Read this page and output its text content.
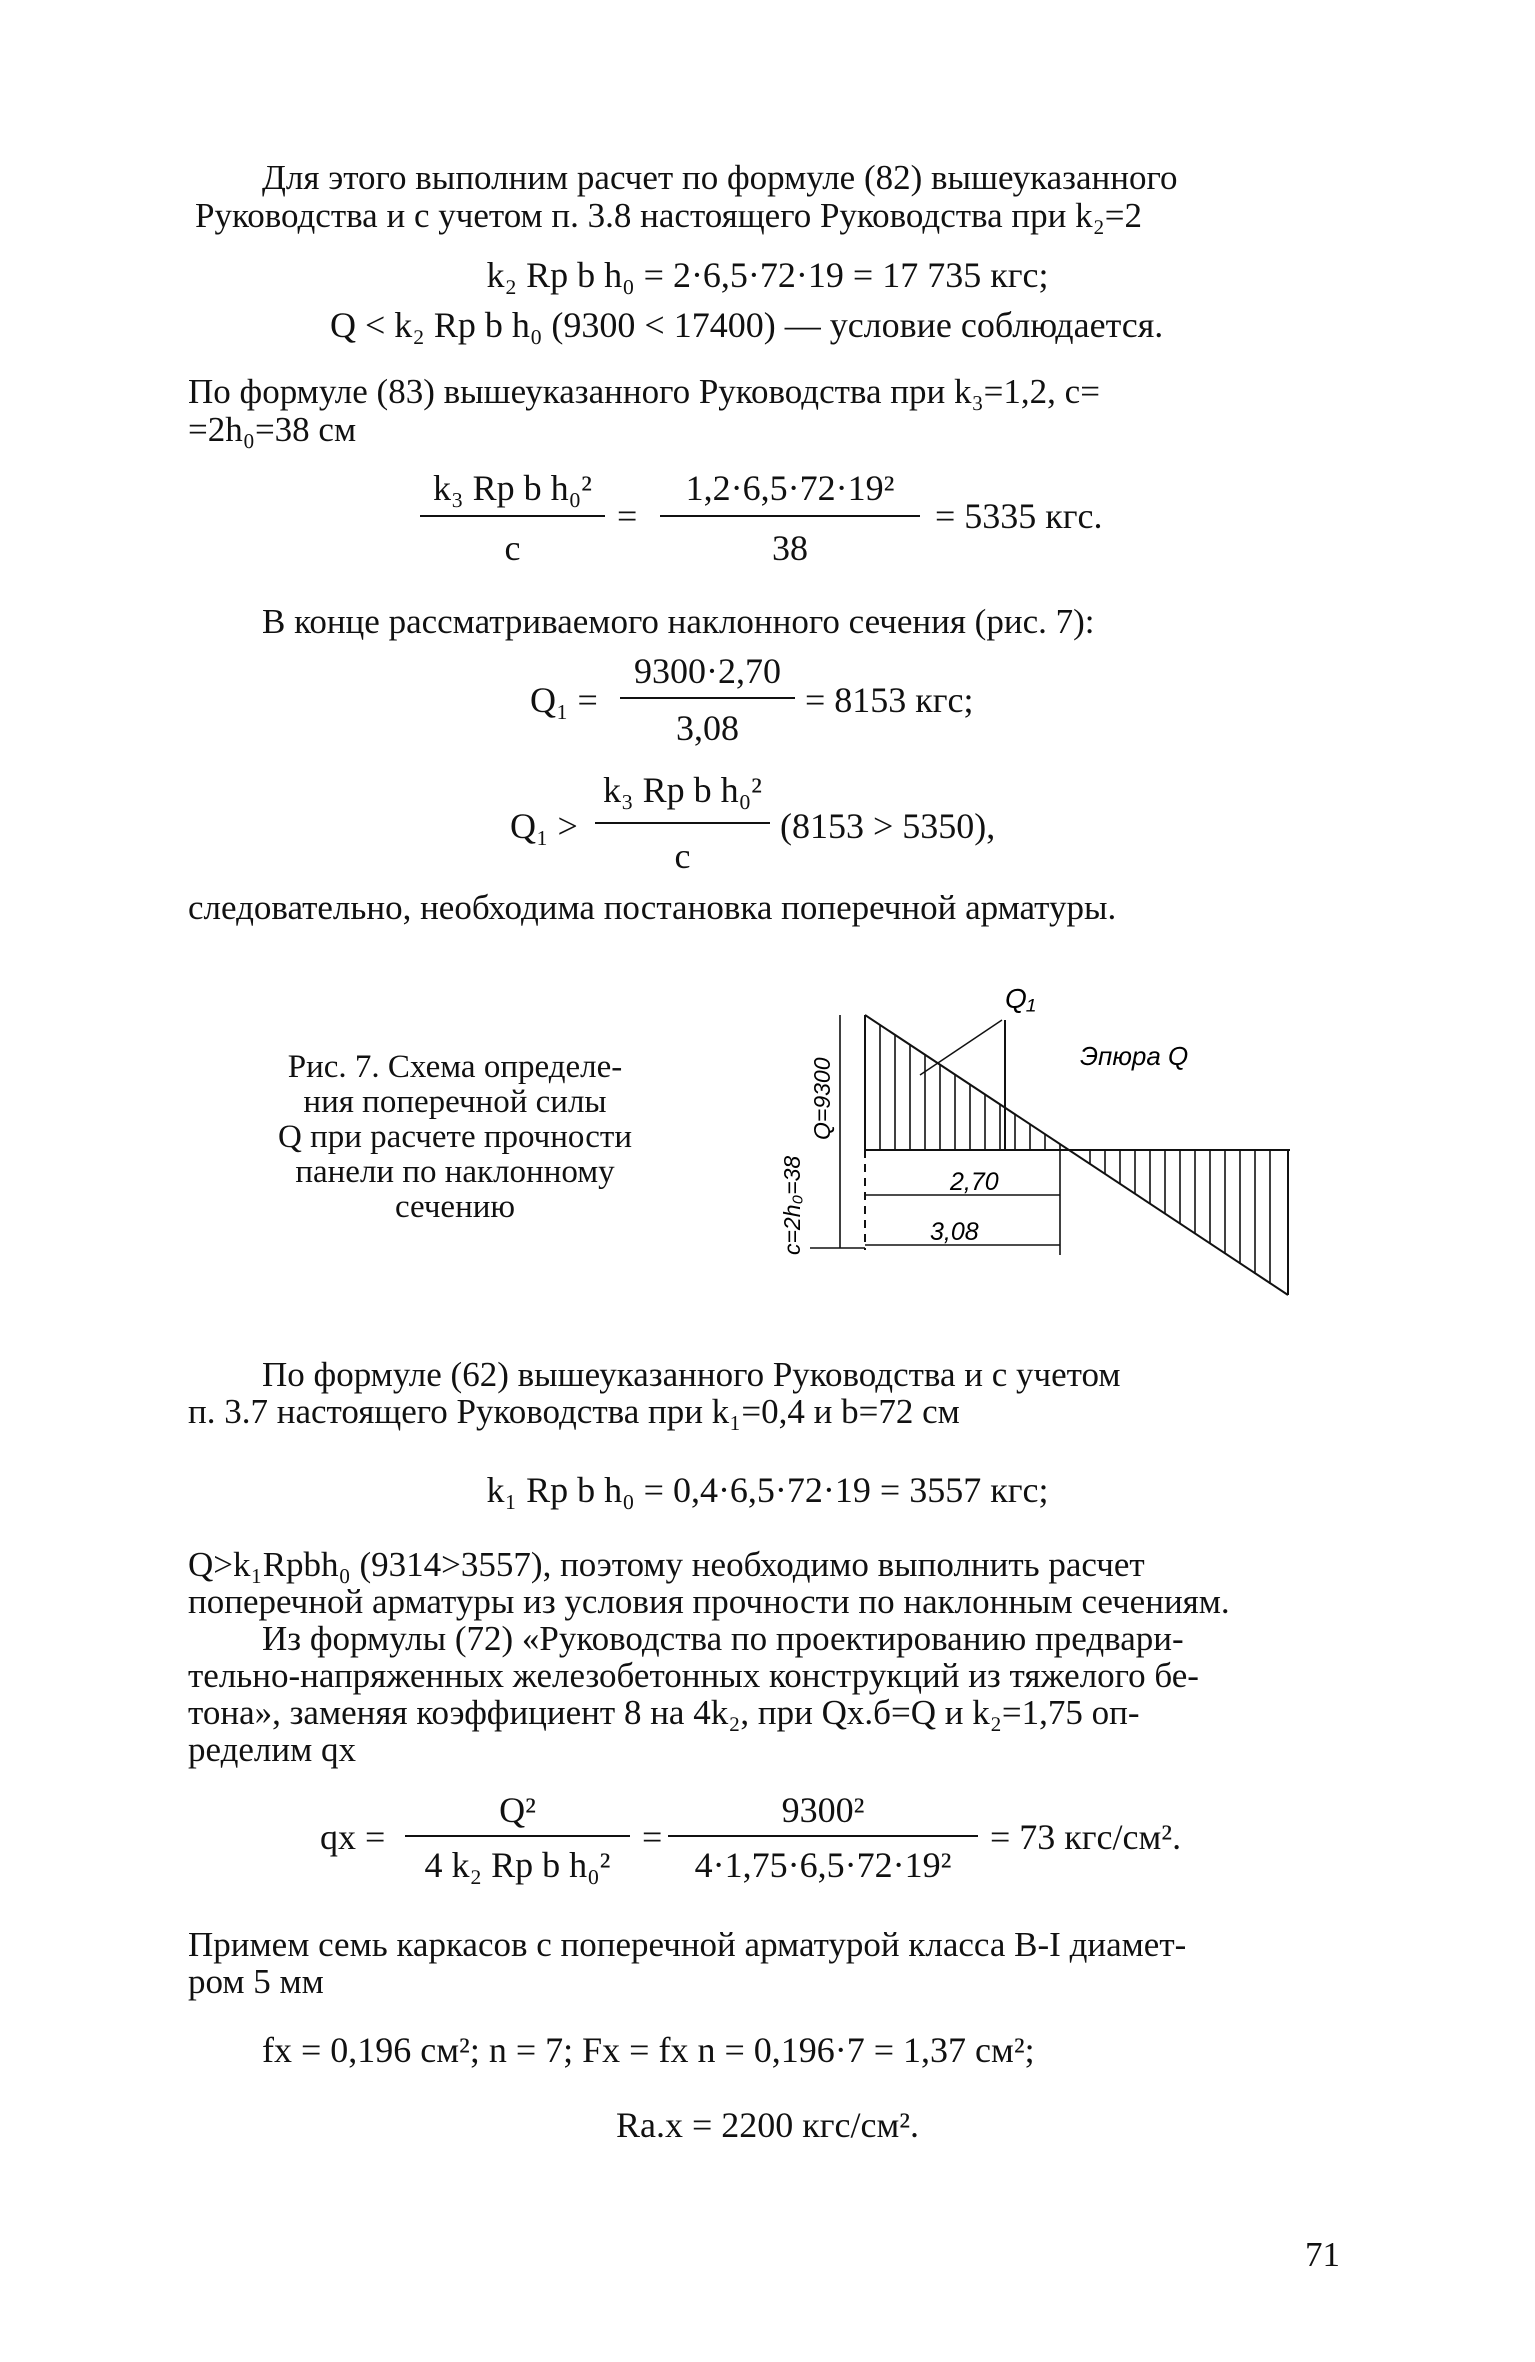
Для этого выполним расчет по формуле (82) вышеуказанного
Руководства и с учетом п. 3.8 настоящего Руководства при k₂=2
k₂ Rр b h₀ = 2·6,5·72·19 = 17 735 кгс;
Q < k₂ Rр b h₀ (9300 < 17400) — условие соблюдается.
По формуле (83) вышеуказанного Руководства при k₃=1,2, с=
=2h₀=38 см
k₃ Rр b h₀²
c
=
1,2·6,5·72·19²
38
= 5335 кгс.
В конце рассматриваемого наклонного сечения (рис. 7):
Q₁ =
9300·2,70
3,08
= 8153 кгс;
Q₁ >
k₃ Rр b h₀²
c
(8153 > 5350),
следовательно, необходима постановка поперечной арматуры.
Рис. 7. Схема определе-
ния поперечной силы
Q при расчете прочности
панели по наклонному
сечению
Q₁
Эпюра Q
2,70
3,08
Q=9300
c=2h₀=38
По формуле (62) вышеуказанного Руководства и с учетом
п. 3.7 настоящего Руководства при k₁=0,4 и b=72 см
k₁ Rр b h₀ = 0,4·6,5·72·19 = 3557 кгс;
Q>k₁Rрbh₀ (9314>3557), поэтому необходимо выполнить расчет
поперечной арматуры из условия прочности по наклонным сечениям.
Из формулы (72) «Руководства по проектированию предвари-
тельно-напряженных железобетонных конструкций из тяжелого бе-
тона», заменяя коэффициент 8 на 4k₂, при Qх.б=Q и k₂=1,75 оп-
ределим qх
qх =
Q²
4 k₂ Rр b h₀²
=
9300²
4·1,75·6,5·72·19²
= 73 кгс/см².
Примем семь каркасов с поперечной арматурой класса В-I диамет-
ром 5 мм
fх = 0,196 см²; n = 7; Fх = fх n = 0,196·7 = 1,37 см²;
Rа.х = 2200 кгс/см².
71
